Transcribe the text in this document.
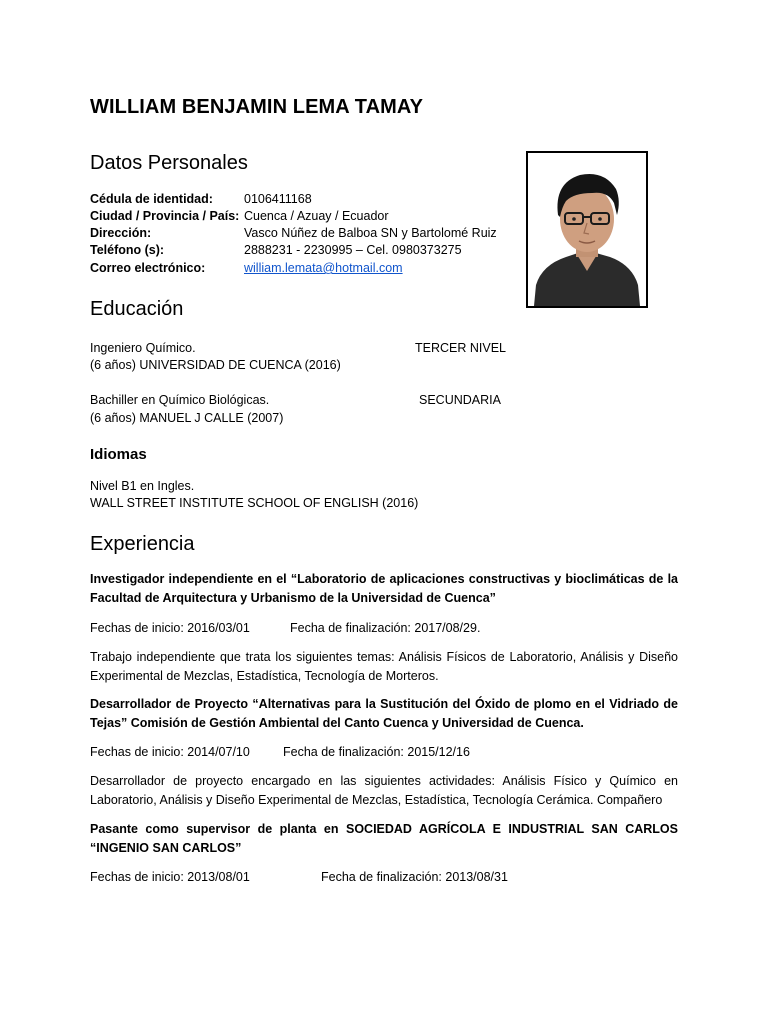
WILLIAM BENJAMIN LEMA TAMAY
Datos Personales
Cédula de identidad: 0106411168
Ciudad / Provincia / País: Cuenca / Azuay / Ecuador
Dirección:	Vasco Núñez de Balboa SN y Bartolomé Ruiz
Teléfono (s):	2888231 - 2230995 – Cel. 0980373275
Correo electrónico:	william.lemata@hotmail.com
Educación
Ingeniero Químico.	TERCER NIVEL
(6 años) UNIVERSIDAD DE CUENCA (2016)
Bachiller en Químico Biológicas.	SECUNDARIA
(6 años) MANUEL J CALLE (2007)
Idiomas
Nivel B1 en Ingles.
WALL STREET INSTITUTE SCHOOL OF ENGLISH (2016)
Experiencia
Investigador independiente en el “Laboratorio de aplicaciones constructivas y bioclimáticas de la Facultad de Arquitectura y Urbanismo de la Universidad de Cuenca”
Fechas de inicio: 2016/03/01	Fecha de finalización: 2017/08/29.
Trabajo independiente que trata los siguientes temas: Análisis Físicos de Laboratorio, Análisis y Diseño Experimental de Mezclas, Estadística, Tecnología de Morteros.
Desarrollador de Proyecto “Alternativas para la Sustitución del Óxido de plomo en el Vidriado de Tejas” Comisión de Gestión Ambiental del Canto Cuenca y Universidad de Cuenca.
Fechas de inicio: 2014/07/10	Fecha de finalización: 2015/12/16
Desarrollador de proyecto encargado en las siguientes actividades: Análisis Físico y Químico en Laboratorio, Análisis y Diseño Experimental de Mezclas, Estadística, Tecnología Cerámica. Compañero
Pasante como supervisor de planta en SOCIEDAD AGRÍCOLA E INDUSTRIAL SAN CARLOS “INGENIO SAN CARLOS”
Fechas de inicio: 2013/08/01	Fecha de finalización: 2013/08/31
